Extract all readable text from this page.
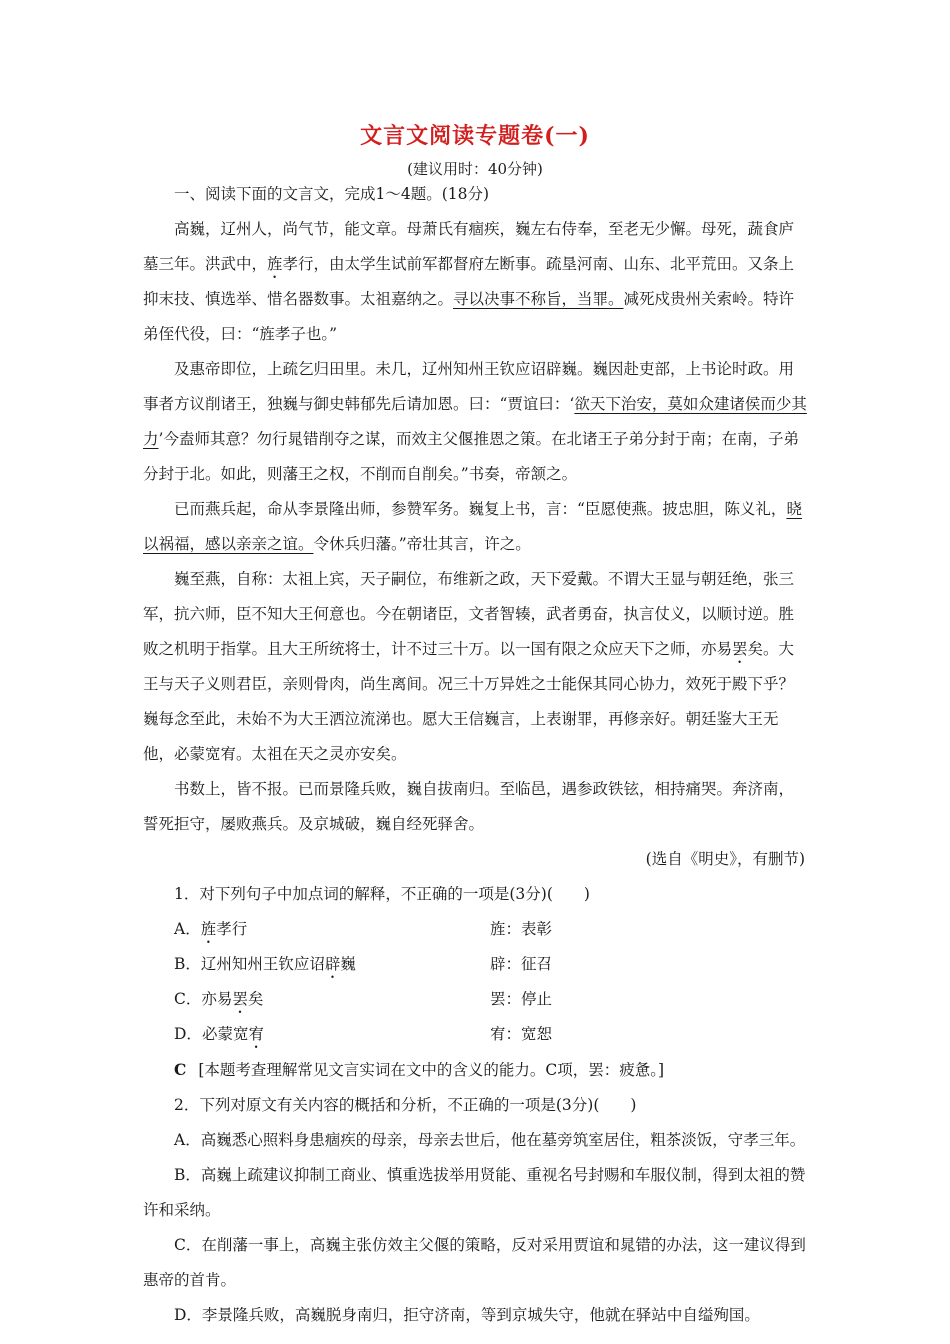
文言文阅读专题卷(一)
(建议用时：40分钟)

一、阅读下面的文言文，完成1～4题。(18分)

高巍，辽州人，尚气节，能文章。母萧氏有痼疾，巍左右侍奉，至老无少懈。母死，蔬食庐墓三年。洪武中，旌孝行，由太学生试前军都督府左断事。疏垦河南、山东、北平荒田。又条上抑末技、慎选举、惜名器数事。太祖嘉纳之。寻以决事不称旨，当罪。减死戍贵州关索岭。特许弟侄代役，曰：“旌孝子也。”

及惠帝即位，上疏乞归田里。未几，辽州知州王钦应诏辟巍。巍因赴吏部，上书论时政。用事者方议削诸王，独巍与御史韩郁先后请加恩。曰：“贾谊曰：‘欲天下治安，莫如众建诸侯而少其力’今盍师其意？勿行晁错削夺之谋，而效主父偃推恩之策。在北诸王子弟分封于南；在南，子弟分封于北。如此，则藩王之权，不削而自削矣。”书奏，帝颔之。

已而燕兵起，命从李景隆出师，参赞军务。巍复上书，言：“臣愿使燕。披忠胆，陈义礼，晓以祸福，感以亲亲之谊。令休兵归藩。”帝壮其言，许之。

巍至燕，自称：太祖上宾，天子嗣位，布维新之政，天下爱戴。不谓大王显与朝廷绝，张三军，抗六师，臣不知大王何意也。今在朝诸臣，文者智辏，武者勇奋，执言仗义，以顺讨逆。胜败之机明于指掌。且大王所统将士，计不过三十万。以一国有限之众应天下之师，亦易罢矣。大王与天子义则君臣，亲则骨肉，尚生离间。况三十万异姓之士能保其同心协力，效死于殿下乎？巍每念至此，未始不为大王洒泣流涕也。愿大王信巍言，上表谢罪，再修亲好。朝廷鉴大王无他，必蒙宽宥。太祖在天之灵亦安矣。

书数上，皆不报。已而景隆兵败，巍自拔南归。至临邑，遇参政铁铉，相持痛哭。奔济南，誓死拒守，屡败燕兵。及京城破，巍自经死驿舍。

(选自《明史》，有删节)

1．对下列句子中加点词的解释，不正确的一项是(3分)(　　)

A．旌孝行	旌：表彰
B．辽州知州王钦应诏辟巍	辟：征召
C．亦易罢矣	罢：停止
D．必蒙宽宥	宥：宽恕

C [本题考查理解常见文言实词在文中的含义的能力。C项，罢：疲惫。]

2．下列对原文有关内容的概括和分析，不正确的一项是(3分)(　　)

A．高巍悉心照料身患痼疾的母亲，母亲去世后，他在墓旁筑室居住，粗茶淡饭，守孝三年。

B．高巍上疏建议抑制工商业、慎重选拔举用贤能、重视名号封赐和车服仪制，得到太祖的赞许和采纳。

C．在削藩一事上，高巍主张仿效主父偃的策略，反对采用贾谊和晁错的办法，这一建议得到惠帝的首肯。

D．李景隆兵败，高巍脱身南归，拒守济南，等到京城失守，他就在驿站中自缢殉国。
